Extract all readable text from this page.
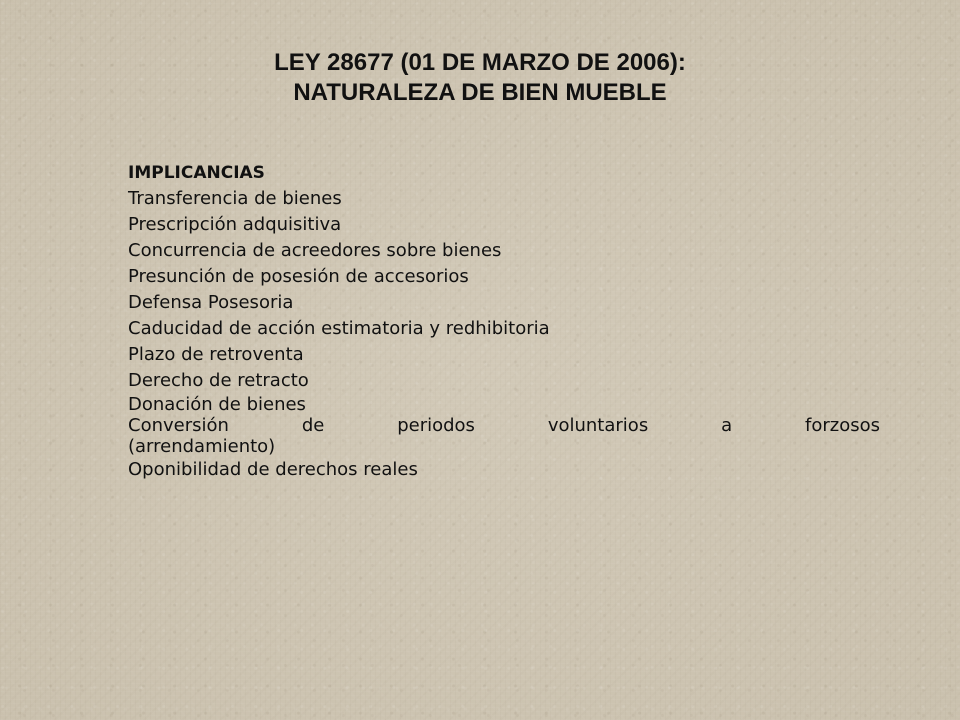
LEY 28677 (01 DE MARZO DE 2006):
NATURALEZA DE BIEN MUEBLE
IMPLICANCIAS
Transferencia de bienes
Prescripción adquisitiva
Concurrencia de acreedores sobre bienes
Presunción de posesión de accesorios
Defensa Posesoria
Caducidad de acción estimatoria y redhibitoria
Plazo de retroventa
Derecho de retracto
Donación de bienes
Conversión	de	periodos	voluntarios	a	forzosos
(arrendamiento)
Oponibilidad de derechos reales
